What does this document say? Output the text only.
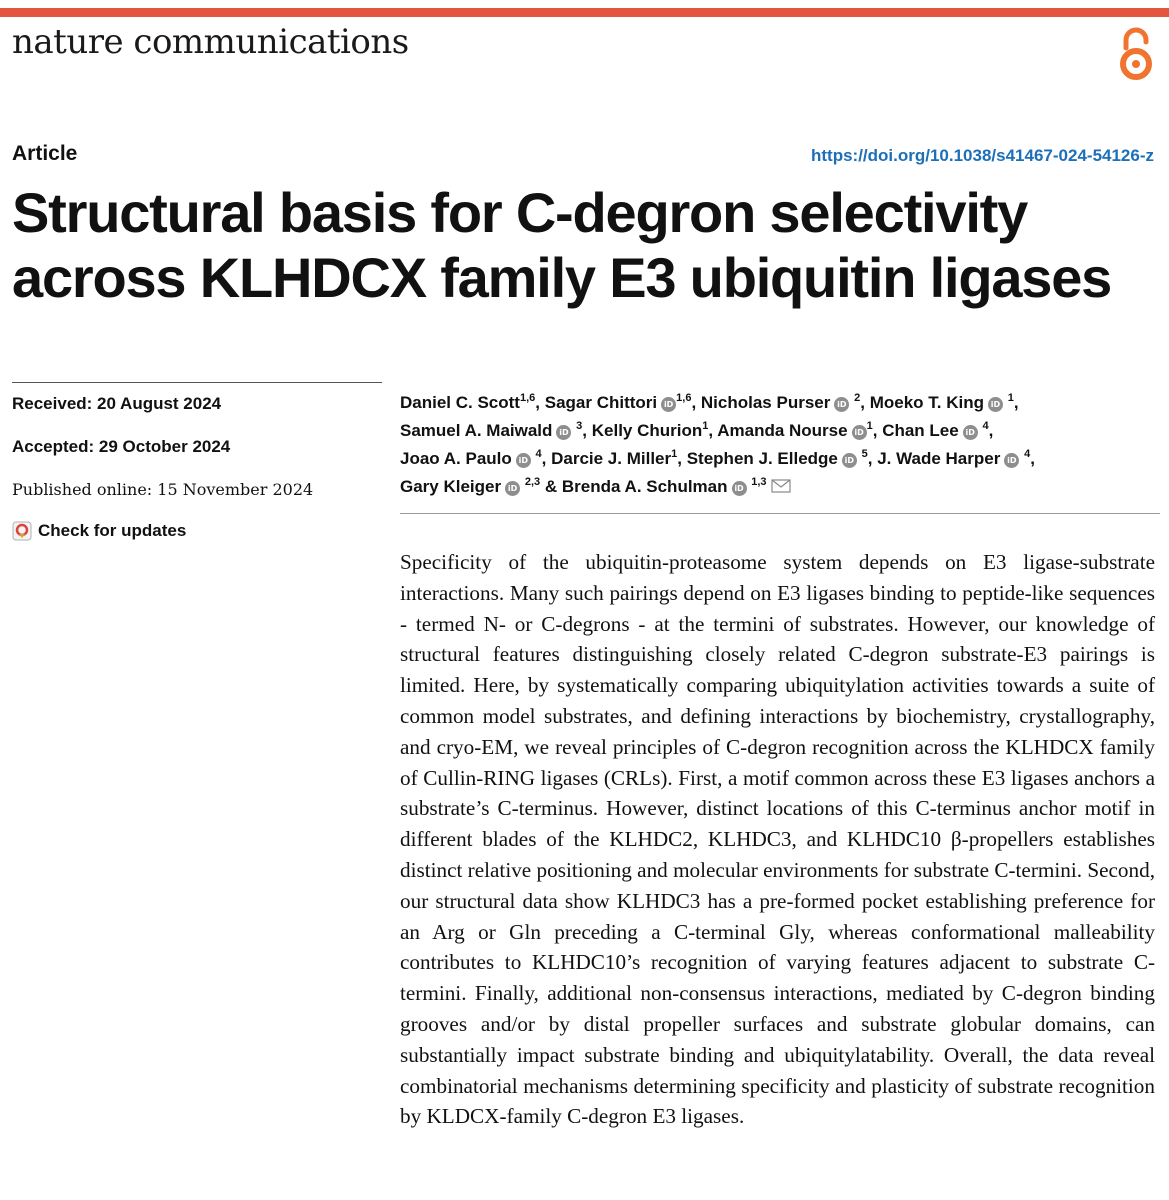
nature communications
Article	https://doi.org/10.1038/s41467-024-54126-z
Structural basis for C-degron selectivity across KLHDCX family E3 ubiquitin ligases
Received: 20 August 2024
Accepted: 29 October 2024
Published online: 15 November 2024
Check for updates
Daniel C. Scott$^{1,6}$, Sagar Chittori iD$^{1,6}$, Nicholas Purser iD $^2$, Moeko T. King iD $^1$,
Samuel A. Maiwald iD $^3$, Kelly Churion$^1$, Amanda Nourse $iD^1$, Chan Lee iD $^4$,
Joao A. Paulo iD $^4$, Darcie J. Miller$^1$, Stephen J. Elledge iD $^5$, J. Wade Harper iD $^4$,
Gary Kleiger iD $^{2,3}$ & Brenda A. Schulman iD $^{1,3}$

Specificity of the ubiquitin-proteasome system depends on E3 ligase-substrate interactions. Many such pairings depend on E3 ligases binding to peptide-like sequences - termed N- or C-degrons - at the termini of substrates. However, our knowledge of structural features distinguishing closely related C-degron substrate-E3 pairings is limited. Here, by systematically comparing ubiquitylation activities towards a suite of common model substrates, and defining interactions by biochemistry, crystallography, and cryo-EM, we reveal principles of C-degron recognition across the KLHDCX family of Cullin-RING ligases (CRLs). First, a motif common across these E3 ligases anchors a substrate’s C-terminus. However, distinct locations of this C-terminus anchor motif in different blades of the KLHDC2, KLHDC3, and KLHDC10 β-propellers establishes distinct relative positioning and molecular environments for substrate C-termini. Second, our structural data show KLHDC3 has a pre-formed pocket establishing preference for an Arg or Gln preceding a C-terminal Gly, whereas conformational malleability contributes to KLHDC10’s recognition of varying features adjacent to substrate C-termini. Finally, additional non-consensus interactions, mediated by C-degron binding grooves and/or by distal propeller surfaces and substrate globular domains, can substantially impact substrate binding and ubiquitylatability. Overall, the data reveal combinatorial mechanisms determining specificity and plasticity of substrate recognition by KLDCX-family C-degron E3 ligases.
